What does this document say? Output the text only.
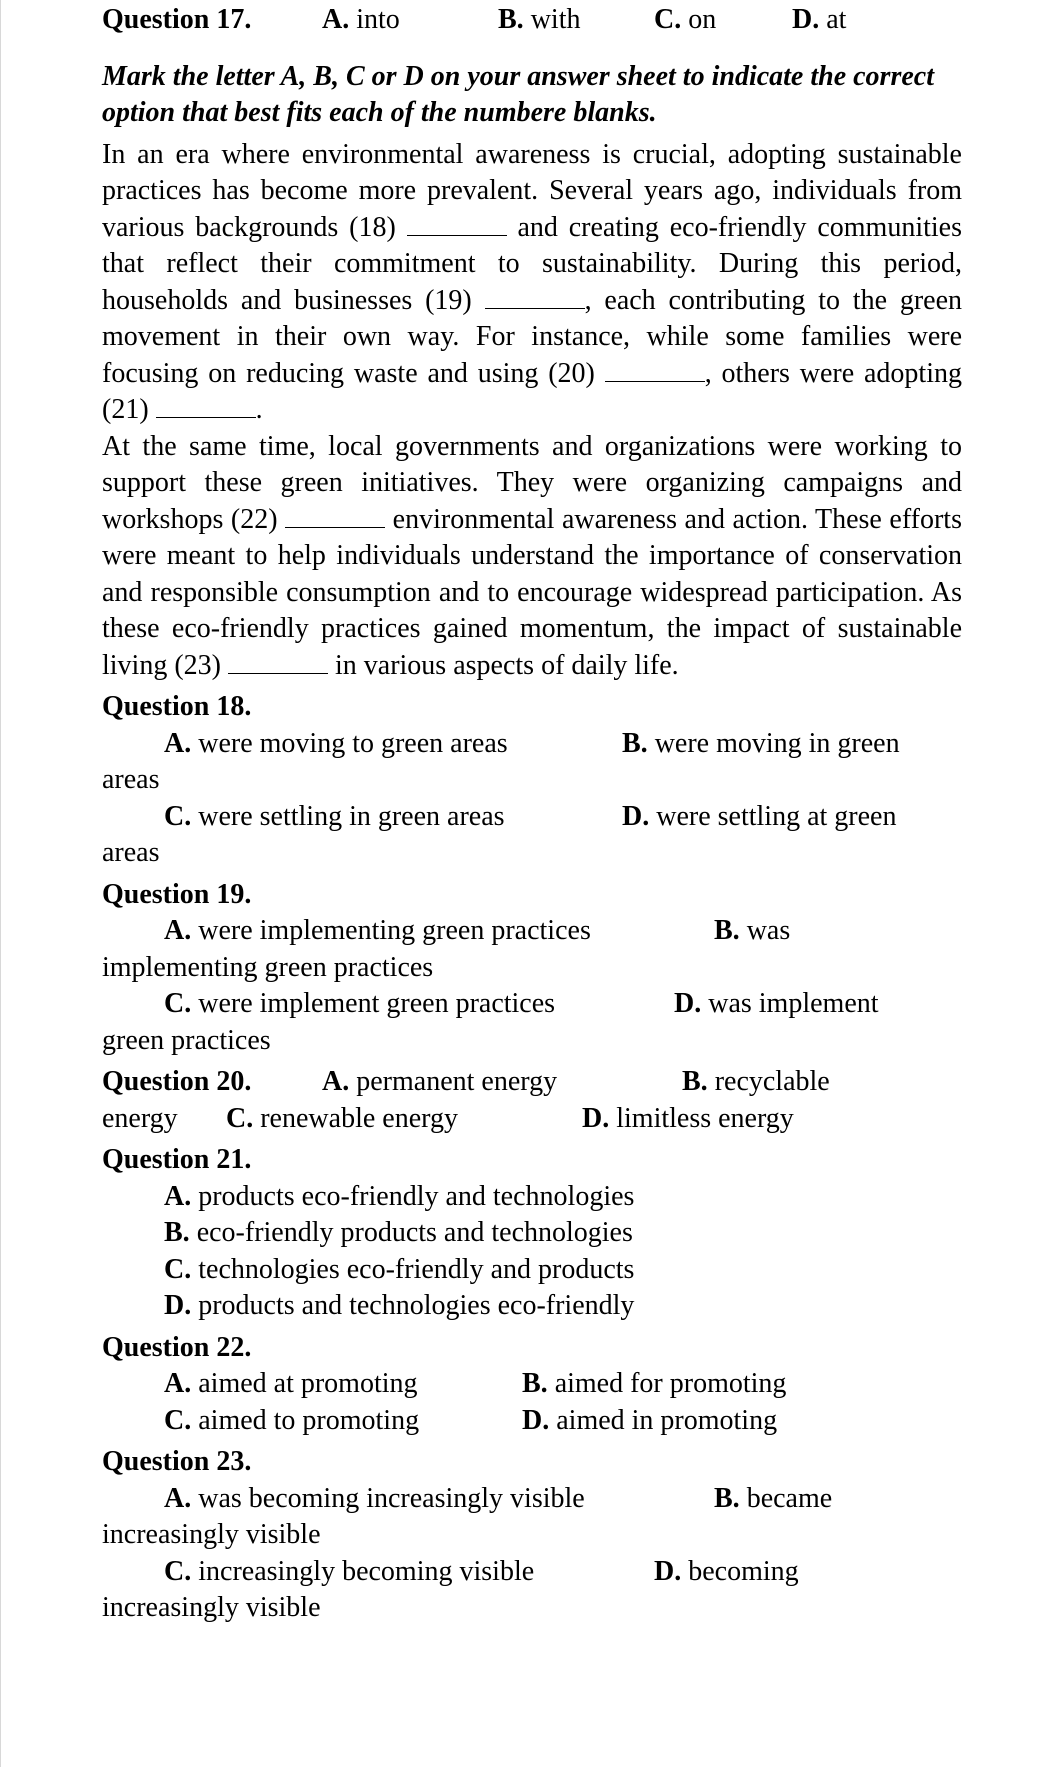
Question 17.	A. into	B. with	C. on	D. at
Mark the letter A, B, C or D on your answer sheet to indicate the correct option that best fits each of the numbere blanks.
In an era where environmental awareness is crucial, adopting sustainable practices has become more prevalent. Several years ago, individuals from various backgrounds (18)	and creating eco-friendly communities that reflect their commitment to sustainability. During this period, households and businesses (19)	, each contributing to the green movement in their own way. For instance, while some families were focusing on reducing waste and using (20)	, others were adopting (21)	.
At the same time, local governments and organizations were working to support these green initiatives. They were organizing campaigns and workshops (22)	environmental awareness and action. These efforts were meant to help individuals understand the importance of conservation and responsible consumption and to encourage widespread participation. As these eco-friendly practices gained momentum, the impact of sustainable living (23)	in various aspects of daily life.
Question 18.
A. were moving to green areas	B. were moving in green
areas
C. were settling in green areas	D. were settling at green
areas
Question 19.
A. were implementing green practices	B. was
implementing green practices
C. were implement green practices	D. was implement
green practices
Question 20.	A. permanent energy	B. recyclable
energy C. renewable energy	D. limitless energy
Question 21.
A. products eco-friendly and technologies
B. eco-friendly products and technologies
C. technologies eco-friendly and products
D. products and technologies eco-friendly
Question 22.
A. aimed at promoting	B. aimed for promoting
C. aimed to promoting	D. aimed in promoting
Question 23.
A. was becoming increasingly visible	B. became
increasingly visible
C. increasingly becoming visible	D. becoming
increasingly visible
